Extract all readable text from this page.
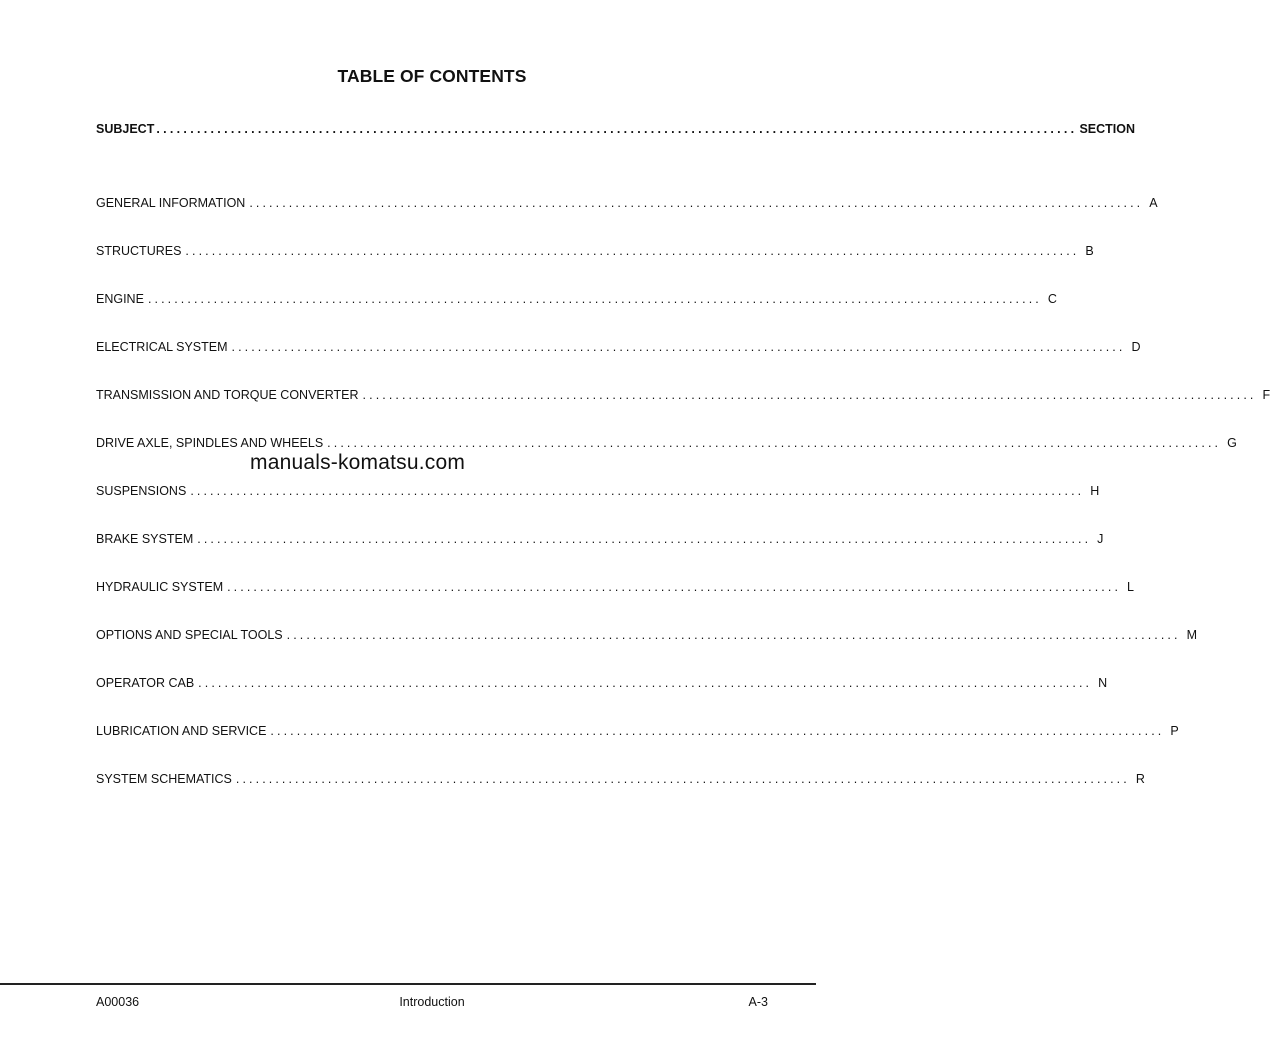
TABLE OF CONTENTS
SUBJECT ........................................................................................................................................ SECTION
GENERAL INFORMATION ........................................................................................................................................ A
STRUCTURES ........................................................................................................................................ B
ENGINE ........................................................................................................................................ C
ELECTRICAL SYSTEM ........................................................................................................................................ D
TRANSMISSION AND TORQUE CONVERTER ........................................................................................................................................ F
DRIVE AXLE, SPINDLES AND WHEELS ........................................................................................................................................ G
manuals-komatsu.com
SUSPENSIONS ........................................................................................................................................ H
BRAKE SYSTEM ........................................................................................................................................ J
HYDRAULIC SYSTEM ........................................................................................................................................ L
OPTIONS AND SPECIAL TOOLS ........................................................................................................................................ M
OPERATOR CAB ........................................................................................................................................ N
LUBRICATION AND SERVICE ........................................................................................................................................ P
SYSTEM SCHEMATICS ........................................................................................................................................ R
A00036	Introduction	A-3
